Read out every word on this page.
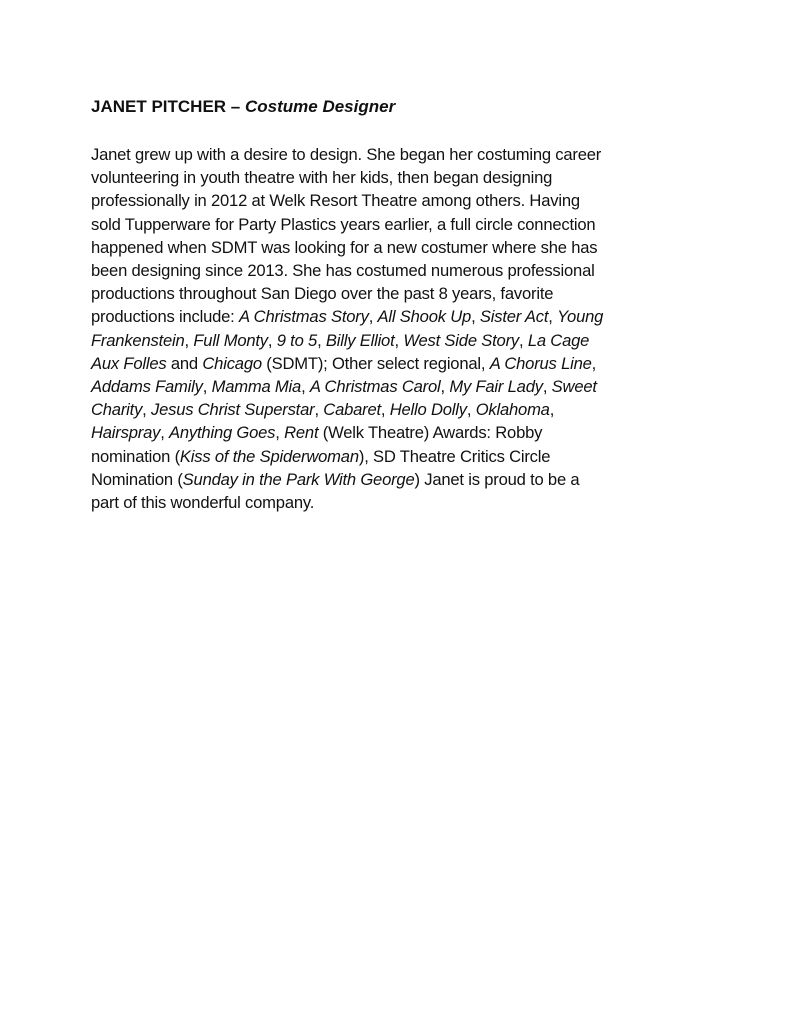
JANET PITCHER – Costume Designer

Janet grew up with a desire to design. She began her costuming career
volunteering in youth theatre with her kids, then began designing
professionally in 2012 at Welk Resort Theatre among others. Having
sold Tupperware for Party Plastics years earlier, a full circle connection
happened when SDMT was looking for a new costumer where she has
been designing since 2013. She has costumed numerous professional
productions throughout San Diego over the past 8 years, favorite
productions include: A Christmas Story, All Shook Up, Sister Act, Young
Frankenstein, Full Monty, 9 to 5, Billy Elliot, West Side Story, La Cage
Aux Folles and Chicago (SDMT); Other select regional, A Chorus Line,
Addams Family, Mamma Mia, A Christmas Carol, My Fair Lady, Sweet
Charity, Jesus Christ Superstar, Cabaret, Hello Dolly, Oklahoma,
Hairspray, Anything Goes, Rent (Welk Theatre) Awards: Robby
nomination (Kiss of the Spiderwoman), SD Theatre Critics Circle
Nomination (Sunday in the Park With George) Janet is proud to be a
part of this wonderful company.
